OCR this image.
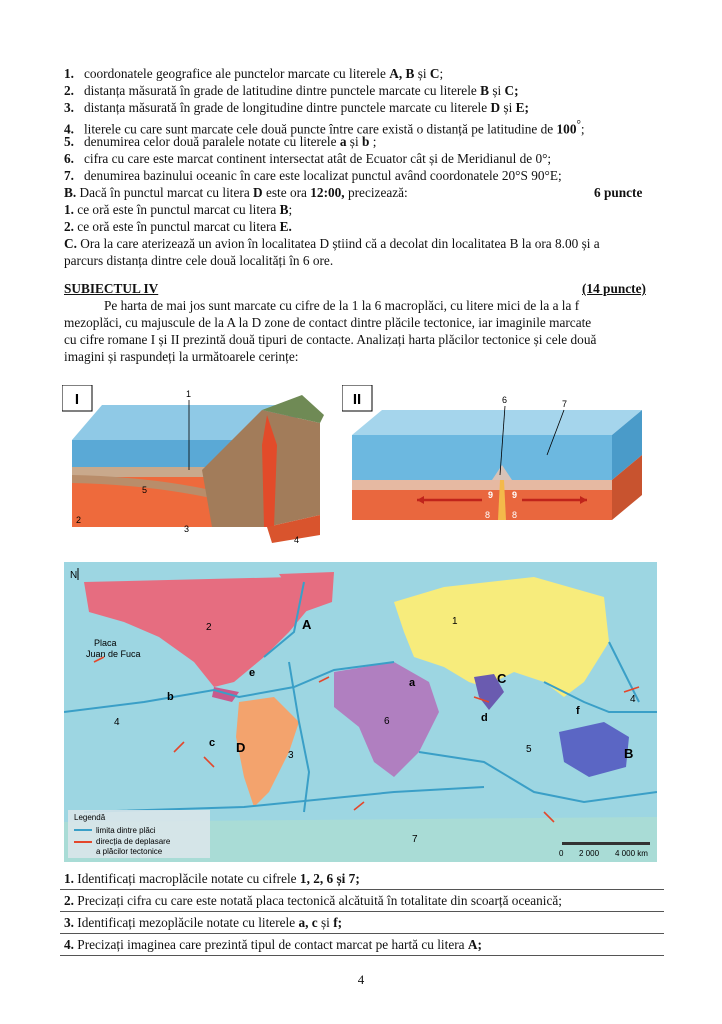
1. coordonatele geografice ale punctelor marcate cu literele A, B și C;
2. distanța măsurată în grade de latitudine dintre punctele marcate cu literele B și C;
3. distanța măsurată în grade de longitudine dintre punctele marcate cu literele D și E;
4. literele cu care sunt marcate cele două puncte între care există o distanță pe latitudine de 100°;
5. denumirea celor două paralele notate cu literele a și b ;
6. cifra cu care este marcat continent intersectat atât de Ecuator cât și de Meridianul de 0°;
7. denumirea bazinului oceanic în care este localizat punctul având coordonatele 20°S 90°E;
B. Dacă în punctul marcat cu litera D este ora 12:00, precizează:	6 puncte
1. ce oră este în punctul marcat cu litera B;
2. ce oră este în punctul marcat cu litera E.
C. Ora la care aterizează un avion în localitatea D știind că a decolat din localitatea B la ora 8.00 și a
parcurs distanța dintre cele două localități în 6 ore.
SUBIECTUL IV	(14 puncte)
Pe harta de mai jos sunt marcate cu cifre de la 1 la 6 macroplăci, cu litere mici de la a la f
mezoplăci, cu majuscule de la A la D zone de contact dintre plăcile tectonice, iar imaginile marcate
cu cifre romane I și II prezintă două tipuri de contacte. Analizați harta plăcilor tectonice și cele două
imagini și raspundeți la următoarele cerințe:
I	1
2
3
4
5
II	6	7
8 8
9 9
N
1
2
3
4
4
5
6
7
A
B
C
D
a
b
c
d
e
f
Placa
Juan de Fuca
Legendă
limita dintre plăci
direcția de deplasare
a plăcilor tectonice	0 2 000 4 000 km
1. Identificați macroplăcile notate cu cifrele 1, 2, 6 și 7;
2. Precizați cifra cu care este notată placa tectonică alcătuită în totalitate din scoarță oceanică;
3. Identificați mezoplăcile notate cu literele a, c și f;
4. Precizați imaginea care prezintă tipul de contact marcat pe hartă cu litera A;
4
